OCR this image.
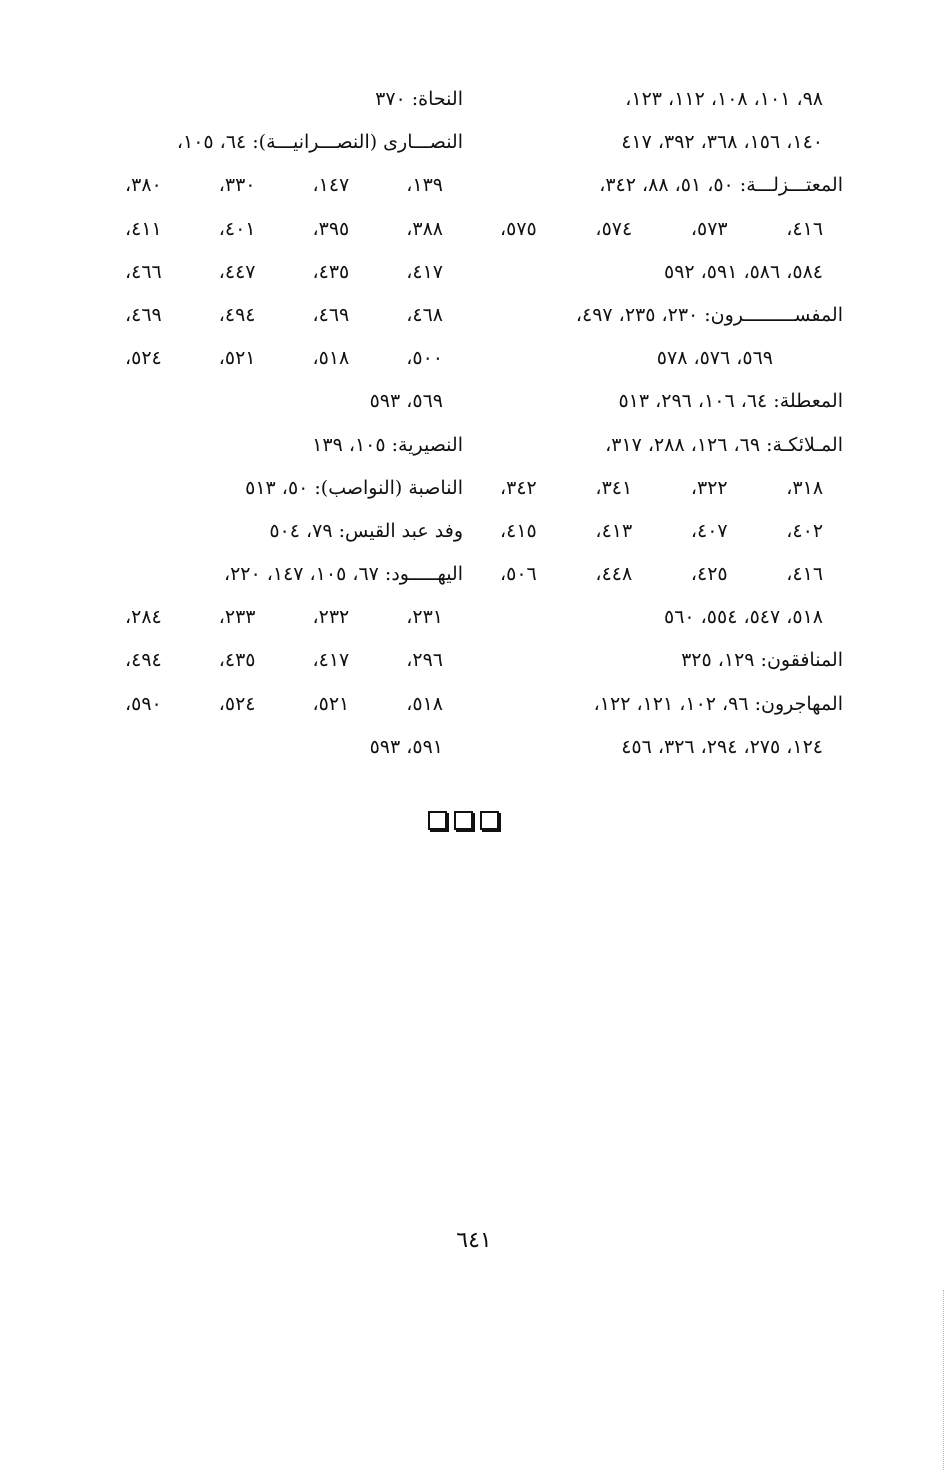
٩٨، ١٠١، ١٠٨، ١١٢، ١٢٣،
١٤٠، ١٥٦، ٣٦٨، ٣٩٢، ٤١٧
المعتـــزلـــة: ٥٠، ٥١، ٨٨، ٣٤٢،
٤١٦، ٥٧٣، ٥٧٤، ٥٧٥،
٥٨٤، ٥٨٦، ٥٩١، ٥٩٢
المفســـــــــرون: ٢٣٠، ٢٣٥، ٤٩٧،
٥٦٩، ٥٧٦، ٥٧٨
المعطلة: ٦٤، ١٠٦، ٢٩٦، ٥١٣
المـلائكـة: ٦٩، ١٢٦، ٢٨٨، ٣١٧،
٣١٨، ٣٢٢، ٣٤١، ٣٤٢،
٤٠٢، ٤٠٧، ٤١٣، ٤١٥،
٤١٦، ٤٢٥، ٤٤٨، ٥٠٦،
٥١٨، ٥٤٧، ٥٥٤، ٥٦٠
المنافقون: ١٢٩، ٣٢٥
المهاجرون: ٩٦، ١٠٢، ١٢١، ١٢٢،
١٢٤، ٢٧٥، ٢٩٤، ٣٢٦، ٤٥٦
النحاة: ٣٧٠
النصـــارى (النصـــرانيـــة): ٦٤، ١٠٥،
١٣٩، ١٤٧، ٣٣٠، ٣٨٠،
٣٨٨، ٣٩٥، ٤٠١، ٤١١،
٤١٧، ٤٣٥، ٤٤٧، ٤٦٦،
٤٦٨، ٤٦٩، ٤٩٤، ٤٦٩،
٥٠٠، ٥١٨، ٥٢١، ٥٢٤،
٥٦٩، ٥٩٣
النصيرية: ١٠٥، ١٣٩
الناصبة (النواصب): ٥٠، ٥١٣
وفد عبد القيس: ٧٩، ٥٠٤
اليهـــــود: ٦٧، ١٠٥، ١٤٧، ٢٢٠،
٢٣١، ٢٣٢، ٢٣٣، ٢٨٤،
٢٩٦، ٤١٧، ٤٣٥، ٤٩٤،
٥١٨، ٥٢١، ٥٢٤، ٥٩٠،
٥٩١، ٥٩٣
٦٤١
